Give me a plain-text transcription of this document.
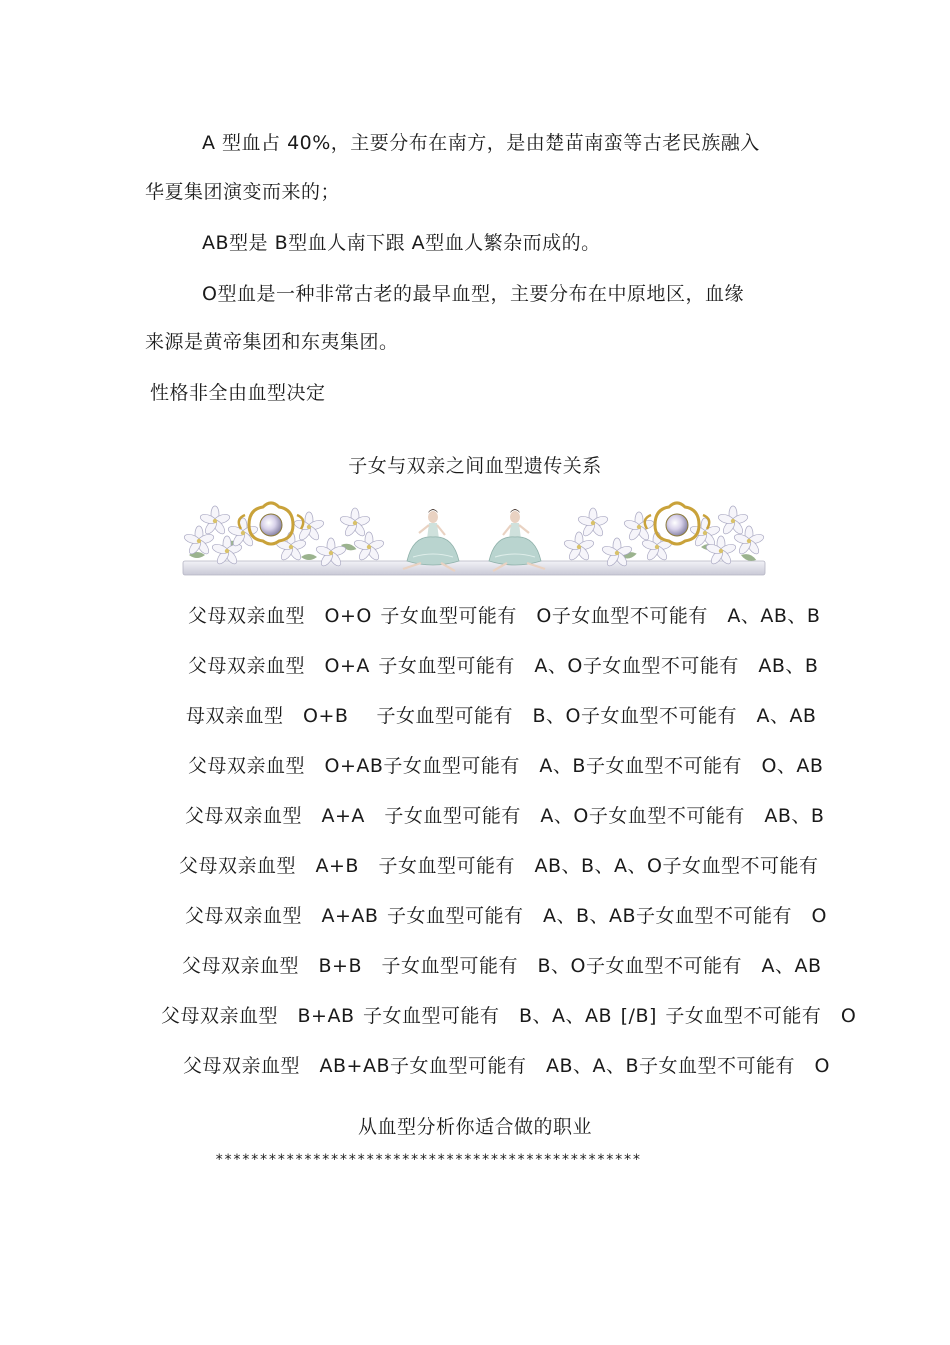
A 型血占 40%，主要分布在南方，是由楚苗南蛮等古老民族融入
华夏集团演变而来的；
AB型是 B型血人南下跟 A型血人繁杂而成的。
O型血是一种非常古老的最早血型，主要分布在中原地区，血缘
来源是黄帝集团和东夷集团。
性格非全由血型决定
子女与双亲之间血型遗传关系
父母双亲血型　O+O 子女血型可能有　O子女血型不可能有　A、AB、B
父母双亲血型　O+A 子女血型可能有　A、O子女血型不可能有　AB、B
母双亲血型　O+B　 子女血型可能有　B、O子女血型不可能有　A、AB
父母双亲血型　O+AB子女血型可能有　A、B子女血型不可能有　O、AB
父母双亲血型　A+A　子女血型可能有　A、O子女血型不可能有　AB、B
父母双亲血型　A+B　子女血型可能有　AB、B、A、O子女血型不可能有
父母双亲血型　A+AB 子女血型可能有　A、B、AB子女血型不可能有　O
父母双亲血型　B+B　子女血型可能有　B、O子女血型不可能有　A、AB
父母双亲血型　B+AB 子女血型可能有　B、A、AB [/B] 子女血型不可能有　O
父母双亲血型　AB+AB子女血型可能有　AB、A、B子女血型不可能有　O
从血型分析你适合做的职业
************************************************
